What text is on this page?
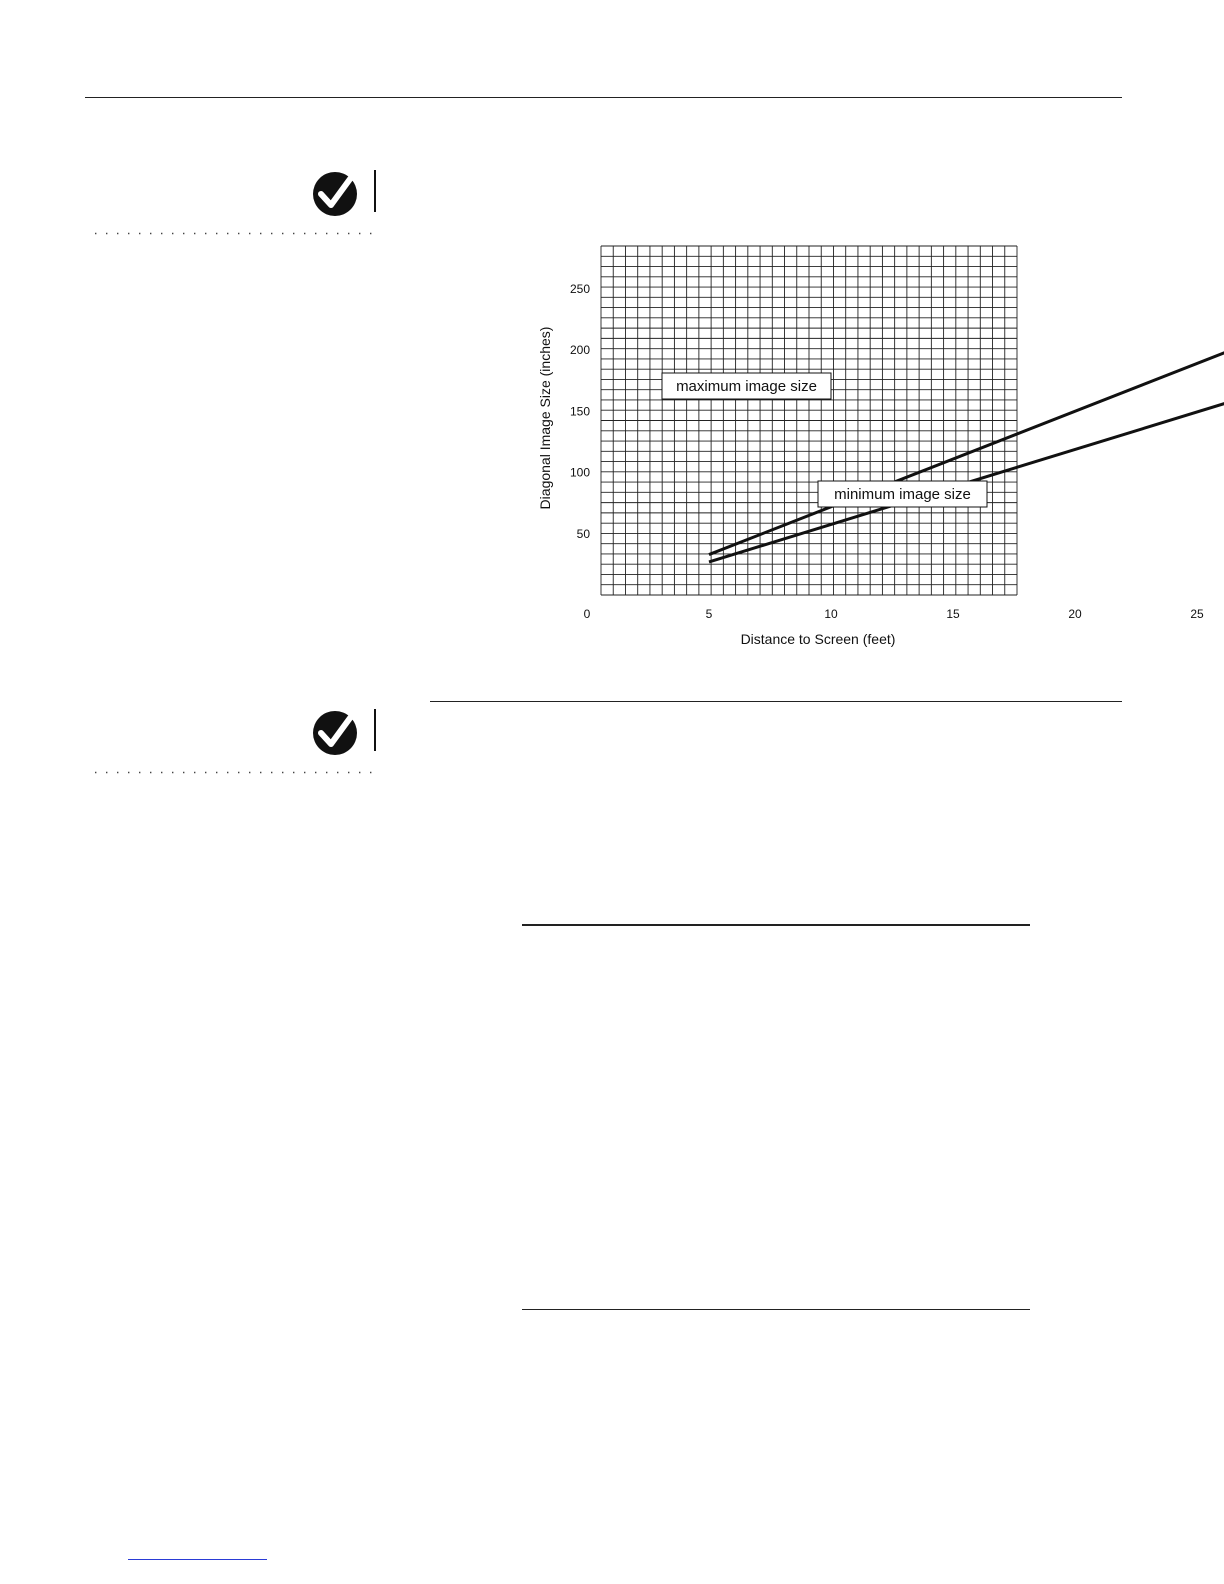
maximum image size
minimum image size
0	5	10	15	20	25
50
100
150
200
250
Distance to Screen (feet)
Diagonal Image Size (inches)
